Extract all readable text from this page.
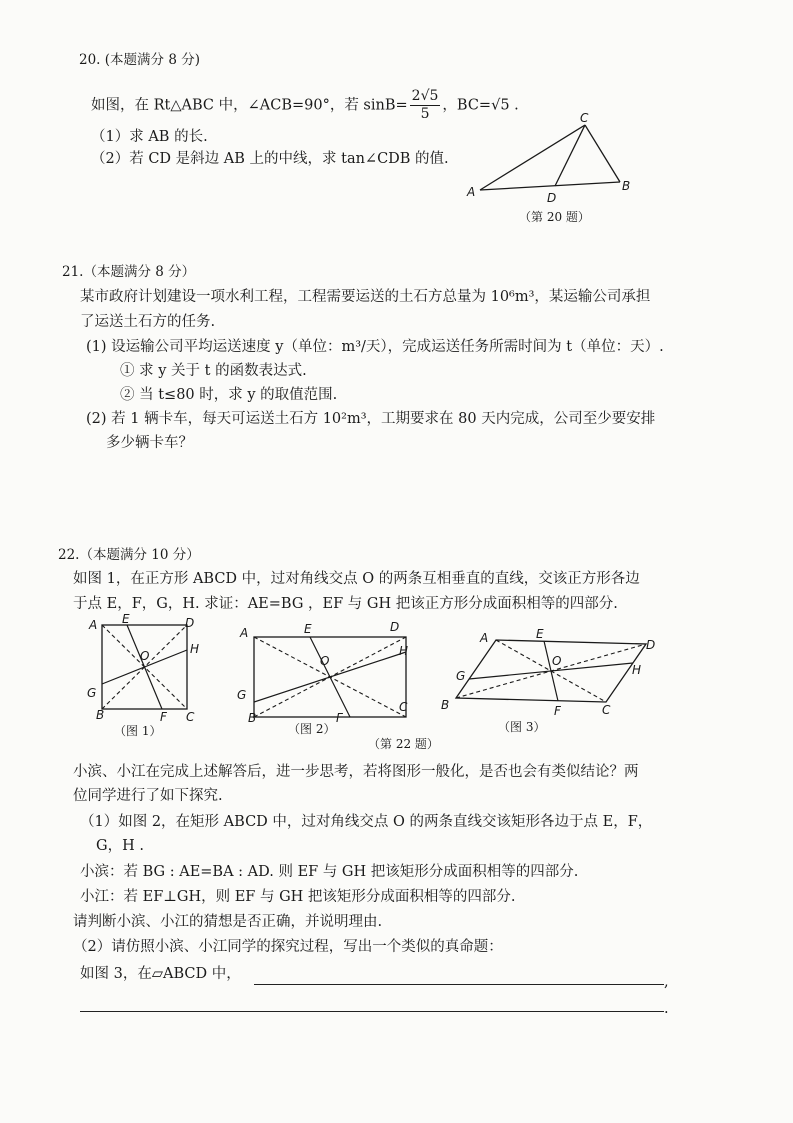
20. (本题满分 8 分)
如图，在 Rt△ABC 中，∠ACB=90°，若 $\sin B= \frac{2√5}{5}$ ，BC=√5 .
（1）求 AB 的长.
（2）若 CD 是斜边 AB 上的中线，求 tan∠CDB 的值.
A	B
C
D
（第 20 题）
21.（本题满分 8 分）
某市政府计划建设一项水利工程，工程需要运送的土石方总量为 10⁶m³，某运输公司承担
了运送土石方的任务.
(1) 设运输公司平均运送速度 y（单位：m³/天），完成运送任务所需时间为 t（单位：天）.
① 求 y 关于 t 的函数表达式.
② 当 t≤80 时，求 y 的取值范围.
(2) 若 1 辆卡车，每天可运送土石方 10²m³，工期要求在 80 天内完成，公司至少要安排
多少辆卡车？
22.（本题满分 10 分）
如图 1，在正方形 ABCD 中，过对角线交点 O 的两条互相垂直的直线，交该正方形各边
于点 E，F，G，H. 求证：AE=BG ，EF 与 GH 把该正方形分成面积相等的四部分.
A E	D
H
O
G
B	F C
（图 1）
A	E	D
H
O
G
B	F
C
（图 2）
A	E
D
H
O
G
B	F	C
（图 3）
（第 22 题）
小滨、小江在完成上述解答后，进一步思考，若将图形一般化，是否也会有类似结论？两
位同学进行了如下探究.
（1）如图 2，在矩形 ABCD 中，过对角线交点 O 的两条直线交该矩形各边于点 E，F，
G，H .
小滨：若 BG : AE=BA : AD. 则 EF 与 GH 把该矩形分成面积相等的四部分.
小江：若 EF⊥GH，则 EF 与 GH 把该矩形分成面积相等的四部分.
请判断小滨、小江的猜想是否正确，并说明理由.
（2）请仿照小滨、小江同学的探究过程，写出一个类似的真命题：
如图 3，在▱ABCD 中，	,
.
